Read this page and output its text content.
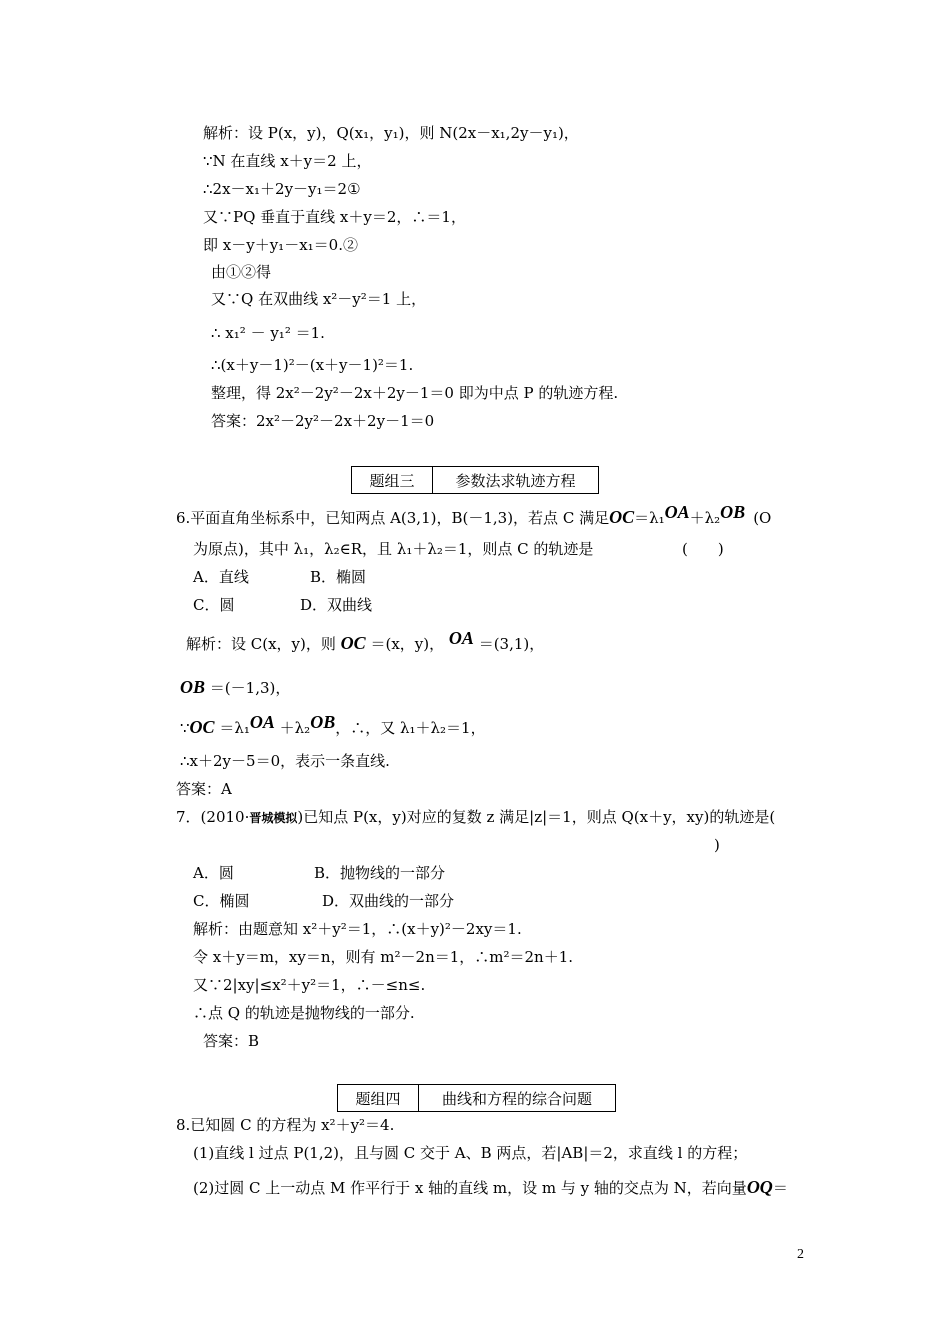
解析：设 P(x，y)，Q(x₁，y₁)，则 N(2x－x₁,2y－y₁)，
∵N 在直线 x＋y＝2 上，
∴2x－x₁＋2y－y₁＝2①
又∵PQ 垂直于直线 x＋y＝2，∴＝1，
即 x－y＋y₁－x₁＝0.②
由①②得
又∵Q 在双曲线 x²－y²＝1 上，
∴ x₁² － y₁² ＝1.
∴(x＋y－1)²－(x＋y－1)²＝1.
整理，得 2x²－2y²－2x＋2y－1＝0 即为中点 P 的轨迹方程.
答案：2x²－2y²－2x＋2y－1＝0
题组三	参数法求轨迹方程
6.平面直角坐标系中，已知两点 A(3,1)，B(－1,3)，若点 C 满足OC＝λ₁OA＋λ₂OB (O
为原点)，其中 λ₁，λ₂∈R，且 λ₁＋λ₂＝1，则点 C 的轨迹是	(　　)
A．直线	B．椭圆
C．圆	D．双曲线
解析：设 C(x，y)，则 OC ＝(x，y)， OA ＝(3,1)，
OB ＝(－1,3)，
∵OC ＝λ₁OA ＋λ₂OB，∴，又 λ₁＋λ₂＝1，
∴x＋2y－5＝0，表示一条直线.
答案：A
7．(2010·晋城模拟)已知点 P(x，y)对应的复数 z 满足|z|＝1，则点 Q(x＋y，xy)的轨迹是(
)
A．圆	B．抛物线的一部分
C．椭圆	D．双曲线的一部分
解析：由题意知 x²＋y²＝1，∴(x＋y)²－2xy＝1.
令 x＋y＝m，xy＝n，则有 m²－2n＝1，∴m²＝2n＋1.
又∵2|xy|≤x²＋y²＝1，∴－≤n≤.
∴点 Q 的轨迹是抛物线的一部分.
答案：B
题组四	曲线和方程的综合问题
8.已知圆 C 的方程为 x²＋y²＝4.
(1)直线 l 过点 P(1,2)，且与圆 C 交于 A、B 两点，若|AB|＝2，求直线 l 的方程；
(2)过圆 C 上一动点 M 作平行于 x 轴的直线 m，设 m 与 y 轴的交点为 N，若向量OQ＝
2
